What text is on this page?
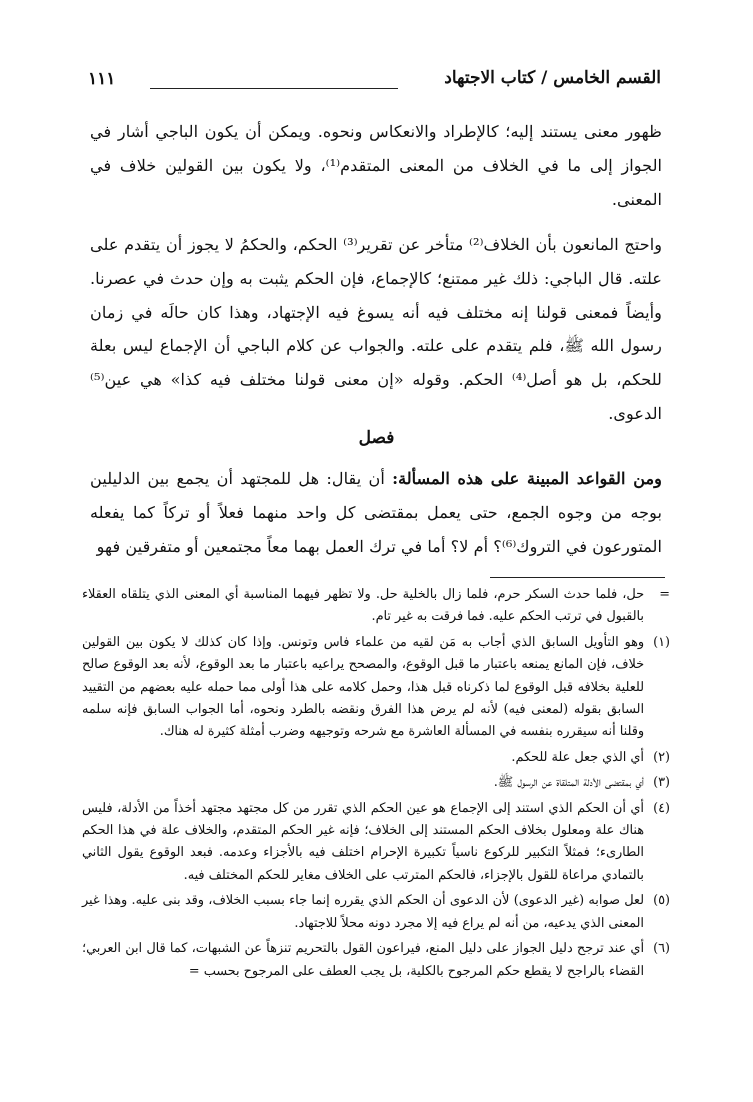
القسم الخامس / كتاب الاجتهاد
١١١
ظهور معنى يستند إليه؛ كالإطراد والانعكاس ونحوه. ويمكن أن يكون الباجي أشار في الجواز إلى ما في الخلاف من المعنى المتقدم⁽¹⁾، ولا يكون بين القولين خلاف في المعنى.
واحتج المانعون بأن الخلاف⁽²⁾ متأخر عن تقرير⁽³⁾ الحكم، والحكمُ لا يجوز أن يتقدم على علته. قال الباجي: ذلك غير ممتنع؛ كالإجماع، فإن الحكم يثبت به وإن حدث في عصرنا. وأيضاً فمعنى قولنا إنه مختلف فيه أنه يسوغ فيه الإجتهاد، وهذا كان حالَه في زمان رسول الله ﷺ، فلم يتقدم على علته. والجواب عن كلام الباجي أن الإجماع ليس بعلة للحكم، بل هو أصل⁽⁴⁾ الحكم. وقوله «إن معنى قولنا مختلف فيه كذا» هي عين⁽⁵⁾ الدعوى.
فصل
ومن القواعد المبينة على هذه المسألة: أن يقال: هل للمجتهد أن يجمع بين الدليلين بوجه من وجوه الجمع، حتى يعمل بمقتضى كل واحد منهما فعلاً أو تركاً كما يفعله المتورعون في التروك⁽⁶⁾؟ أم لا؟ أما في ترك العمل بهما معاً مجتمعين أو متفرقين فهو
=
حل، فلما حدث السكر حرم، فلما زال بالخلية حل. ولا تظهر فيهما المناسبة أي المعنى الذي يتلقاه العقلاء بالقبول في ترتب الحكم عليه. فما فرقت به غير تام.
(١)
وهو التأويل السابق الذي أجاب به مَن لقيه من علماء فاس وتونس. وإذا كان كذلك لا يكون بين القولين خلاف، فإن المانع يمنعه باعتبار ما قبل الوقوع، والمصحح يراعيه باعتبار ما بعد الوقوع، لأنه بعد الوقوع صالح للعلية بخلافه قبل الوقوع لما ذكرناه قبل هذا، وحمل كلامه على هذا أولى مما حمله عليه بعضهم من التقييد السابق بقوله (لمعنى فيه) لأنه لم يرض هذا الفرق ونقضه بالطرد ونحوه، أما الجواب السابق فإنه سلمه وقلنا أنه سيقرره بنفسه في المسألة العاشرة مع شرحه وتوجيهه وضرب أمثلة كثيرة له هناك.
(٢)
أي الذي جعل علة للحكم.
(٣)
أي بمقتضى الأدلة المتلقاة عن الرسول ﷺ.
(٤)
أي أن الحكم الذي استند إلى الإجماع هو عين الحكم الذي تقرر من كل مجتهد مجتهد أخذاً من الأدلة، فليس هناك علة ومعلول بخلاف الحكم المستند إلى الخلاف؛ فإنه غير الحكم المتقدم، والخلاف علة في هذا الحكم الطارىء؛ فمثلاً التكبير للركوع ناسياً تكبيرة الإحرام اختلف فيه بالأجزاء وعدمه. فبعد الوقوع يقول الثاني بالتمادي مراعاة للقول بالإجزاء، فالحكم المترتب على الخلاف مغاير للحكم المختلف فيه.
(٥)
لعل صوابه (غير الدعوى) لأن الدعوى أن الحكم الذي يقرره إنما جاء بسبب الخلاف، وقد بنى عليه. وهذا غير المعنى الذي يدعيه، من أنه لم يراع فيه إلا مجرد دونه محلاً للاجتهاد.
(٦)
أي عند ترجح دليل الجواز على دليل المنع، فيراعون القول بالتحريم تنزهاً عن الشبهات، كما قال ابن العربي؛ القضاء بالراجح لا يقطع حكم المرجوح بالكلية، بل يجب العطف على المرجوح بحسب =
